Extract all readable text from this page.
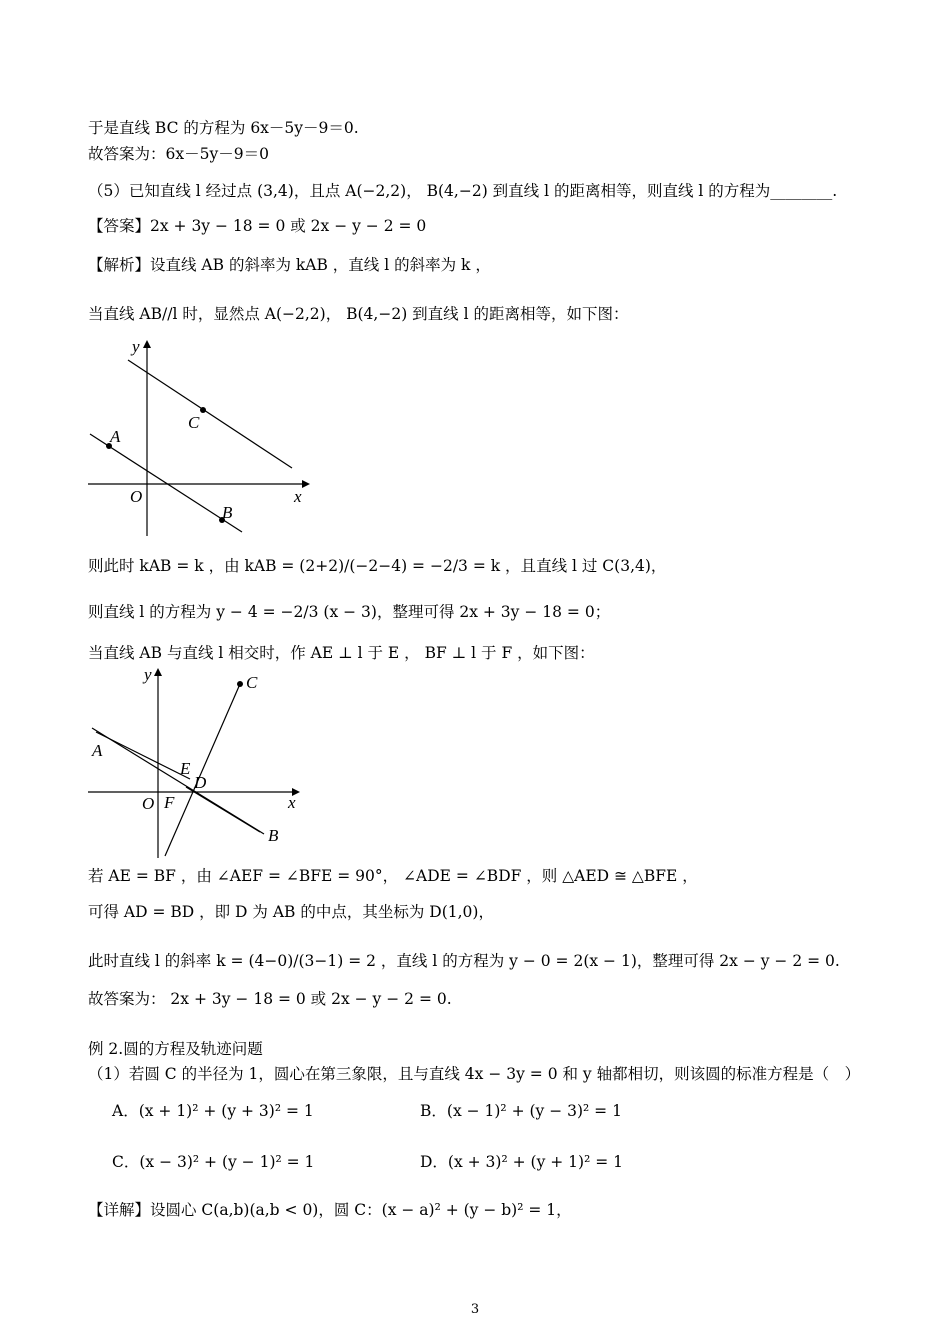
于是直线 BC 的方程为 6x－5y－9＝0.
故答案为：6x－5y－9＝0
（5）已知直线 l 经过点 (3,4)，且点 A(−2,2)， B(4,−2) 到直线 l 的距离相等，则直线 l 的方程为________.
【答案】2x + 3y − 18 = 0 或 2x − y − 2 = 0
【解析】设直线 AB 的斜率为 kAB ，直线 l 的斜率为 k ，
当直线 AB//l 时，显然点 A(−2,2)， B(4,−2) 到直线 l 的距离相等，如下图：
y
x
O
A
B
C
则此时 kAB = k ，由 kAB = (2+2)/(−2−4) = −2/3 = k ，且直线 l 过 C(3,4)，
则直线 l 的方程为 y − 4 = −2/3 (x − 3)，整理可得 2x + 3y − 18 = 0；
当直线 AB 与直线 l 相交时，作 AE ⊥ l 于 E ， BF ⊥ l 于 F ，如下图：
y
x
O F
A
B
C
E
D
若 AE = BF ，由 ∠AEF = ∠BFE = 90°， ∠ADE = ∠BDF ，则 △AED ≅ △BFE ，
可得 AD = BD ，即 D 为 AB 的中点，其坐标为 D(1,0)，
此时直线 l 的斜率 k = (4−0)/(3−1) = 2 ，直线 l 的方程为 y − 0 = 2(x − 1)，整理可得 2x − y − 2 = 0.
故答案为： 2x + 3y − 18 = 0 或 2x − y − 2 = 0.
例 2.圆的方程及轨迹问题
（1）若圆 C 的半径为 1，圆心在第三象限，且与直线 4x − 3y = 0 和 y 轴都相切，则该圆的标准方程是（　）
A．(x + 1)² + (y + 3)² = 1	B．(x − 1)² + (y − 3)² = 1
C．(x − 3)² + (y − 1)² = 1	D．(x + 3)² + (y + 1)² = 1
【详解】设圆心 C(a,b)(a,b < 0)，圆 C：(x − a)² + (y − b)² = 1，
3
